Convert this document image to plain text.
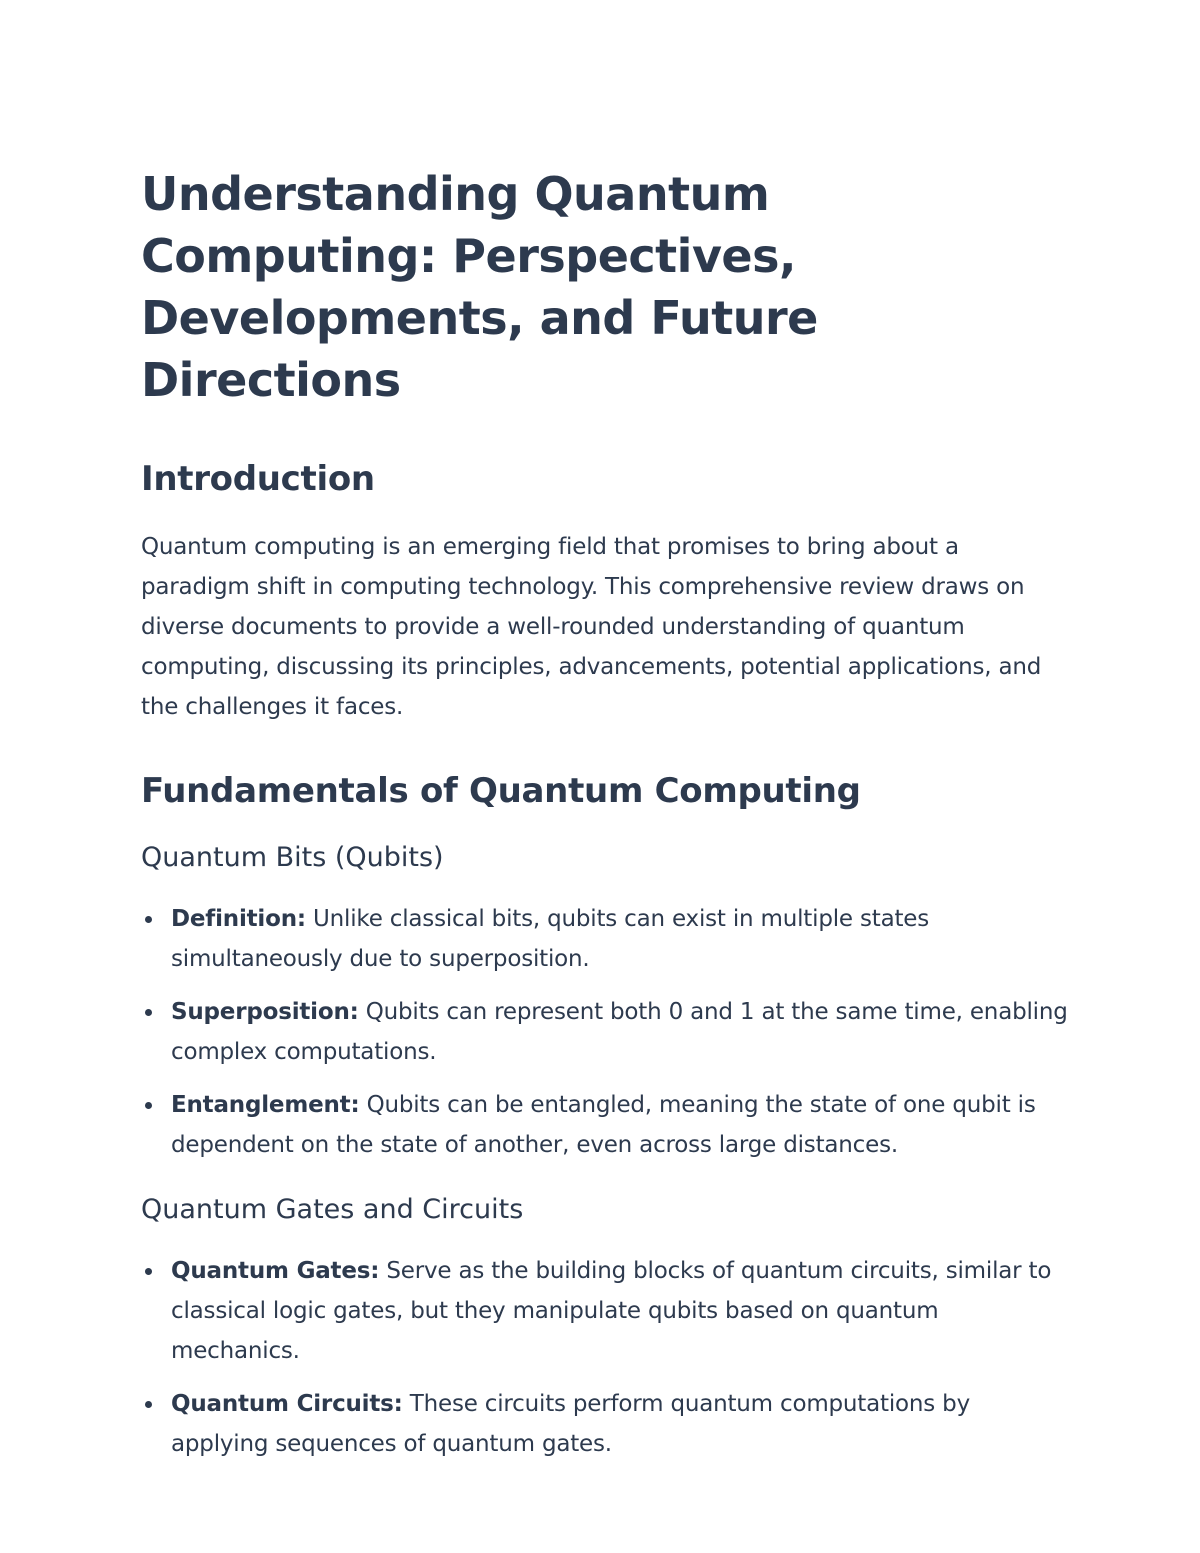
Understanding Quantum Computing: Perspectives, Developments, and Future Directions
Introduction

Quantum computing is an emerging field that promises to bring about a paradigm shift in computing technology. This comprehensive review draws on diverse documents to provide a well-rounded understanding of quantum computing, discussing its principles, advancements, potential applications, and the challenges it faces.

Fundamentals of Quantum Computing
Quantum Bits (Qubits)
Definition: Unlike classical bits, qubits can exist in multiple states simultaneously due to superposition.
Superposition: Qubits can represent both 0 and 1 at the same time, enabling complex computations.
Entanglement: Qubits can be entangled, meaning the state of one qubit is dependent on the state of another, even across large distances.
Quantum Gates and Circuits
Quantum Gates: Serve as the building blocks of quantum circuits, similar to classical logic gates, but they manipulate qubits based on quantum mechanics.
Quantum Circuits: These circuits perform quantum computations by applying sequences of quantum gates.
